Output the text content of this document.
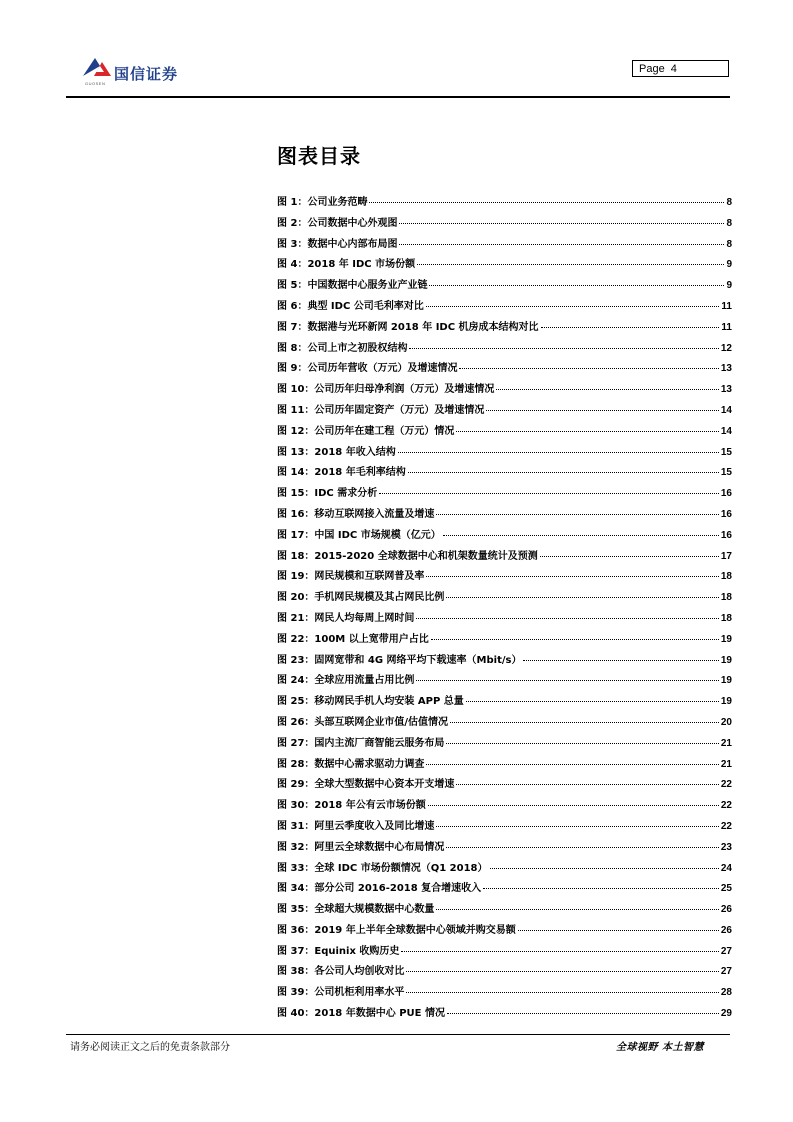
国信证券
GUOSEN
Page 4
图表目录
图 1：公司业务范畴	8
图 2：公司数据中心外观图	8
图 3：数据中心内部布局图	8
图 4：2018 年 IDC 市场份额	9
图 5：中国数据中心服务业产业链	9
图 6：典型 IDC 公司毛利率对比	11
图 7：数据港与光环新网 2018 年 IDC 机房成本结构对比	11
图 8：公司上市之初股权结构	12
图 9：公司历年营收（万元）及增速情况	13
图 10：公司历年归母净利润（万元）及增速情况	13
图 11：公司历年固定资产（万元）及增速情况	14
图 12：公司历年在建工程（万元）情况	14
图 13：2018 年收入结构	15
图 14：2018 年毛利率结构	15
图 15：IDC 需求分析	16
图 16：移动互联网接入流量及增速	16
图 17：中国 IDC 市场规模（亿元）	16
图 18：2015-2020 全球数据中心和机架数量统计及预测	17
图 19：网民规模和互联网普及率	18
图 20：手机网民规模及其占网民比例	18
图 21：网民人均每周上网时间	18
图 22：100M 以上宽带用户占比	19
图 23：固网宽带和 4G 网络平均下载速率（Mbit/s）	19
图 24：全球应用流量占用比例	19
图 25：移动网民手机人均安装 APP 总量	19
图 26：头部互联网企业市值/估值情况	20
图 27：国内主流厂商智能云服务布局	21
图 28：数据中心需求驱动力调查	21
图 29：全球大型数据中心资本开支增速	22
图 30：2018 年公有云市场份额	22
图 31：阿里云季度收入及同比增速	22
图 32：阿里云全球数据中心布局情况	23
图 33：全球 IDC 市场份额情况（Q1 2018）	24
图 34：部分公司 2016-2018 复合增速收入	25
图 35：全球超大规模数据中心数量	26
图 36：2019 年上半年全球数据中心领域并购交易额	26
图 37：Equinix 收购历史	27
图 38：各公司人均创收对比	27
图 39：公司机柜利用率水平	28
图 40：2018 年数据中心 PUE 情况	29
请务必阅读正文之后的免责条款部分	全球视野 本土智慧
